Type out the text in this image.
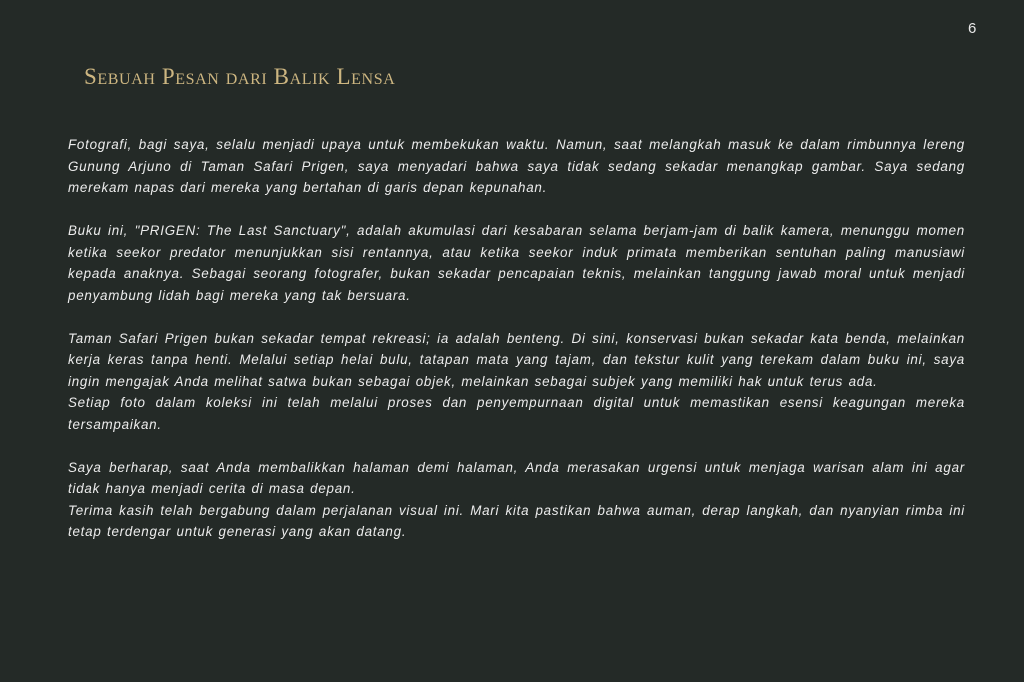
6
Sebuah Pesan dari Balik Lensa

Fotografi, bagi saya, selalu menjadi upaya untuk membekukan waktu. Namun, saat melangkah masuk ke dalam rimbunnya lereng Gunung Arjuno di Taman Safari Prigen, saya menyadari bahwa saya tidak sedang sekadar menangkap gambar. Saya sedang merekam napas dari mereka yang bertahan di garis depan kepunahan.

Buku ini, "PRIGEN: The Last Sanctuary", adalah akumulasi dari kesabaran selama berjam-jam di balik kamera, menunggu momen ketika seekor predator menunjukkan sisi rentannya, atau ketika seekor induk primata memberikan sentuhan paling manusiawi kepada anaknya. Sebagai seorang fotografer, bukan sekadar pencapaian teknis, melainkan tanggung jawab moral untuk menjadi penyambung lidah bagi mereka yang tak bersuara.

Taman Safari Prigen bukan sekadar tempat rekreasi; ia adalah benteng. Di sini, konservasi bukan sekadar kata benda, melainkan kerja keras tanpa henti. Melalui setiap helai bulu, tatapan mata yang tajam, dan tekstur kulit yang terekam dalam buku ini, saya ingin mengajak Anda melihat satwa bukan sebagai objek, melainkan sebagai subjek yang memiliki hak untuk terus ada.

Setiap foto dalam koleksi ini telah melalui proses dan penyempurnaan digital untuk memastikan esensi keagungan mereka tersampaikan.

Saya berharap, saat Anda membalikkan halaman demi halaman, Anda merasakan urgensi untuk menjaga warisan alam ini agar tidak hanya menjadi cerita di masa depan.

Terima kasih telah bergabung dalam perjalanan visual ini. Mari kita pastikan bahwa auman, derap langkah, dan nyanyian rimba ini tetap terdengar untuk generasi yang akan datang.
